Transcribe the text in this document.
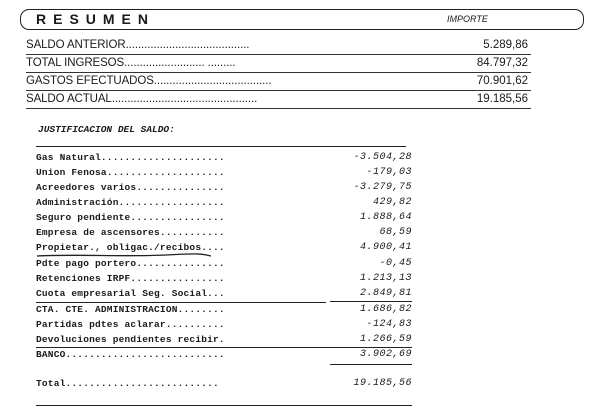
RESUMEN	IMPORTE
SALDO ANTERIOR........................................	5.289,86
TOTAL INGRESOS.......................... .........	84.797,32
GASTOS EFECTUADOS......................................	70.901,62
SALDO ACTUAL...............................................	19.185,56
JUSTIFICACION DEL SALDO:
Gas Natural.....................	-3.504,28
Union Fenosa....................	-179,03
Acreedores varios...............	-3.279,75
Administración..................	429,82
Seguro pendiente................	1.888,64
Empresa de ascensores...........	68,59
Propietar., obligac./recibos....	4.900,41
Pdte pago portero...............	-0,45
Retenciones IRPF................	1.213,13
Cuota empresarial Seg. Social...	2.849,81
CTA. CTE. ADMINISTRACION........	1.686,82
Partidas pdtes aclarar..........	-124,83
Devoluciones pendientes recibir.	1.266,59
BANCO...........................	3.902,69
Total..........................	19.185,56
